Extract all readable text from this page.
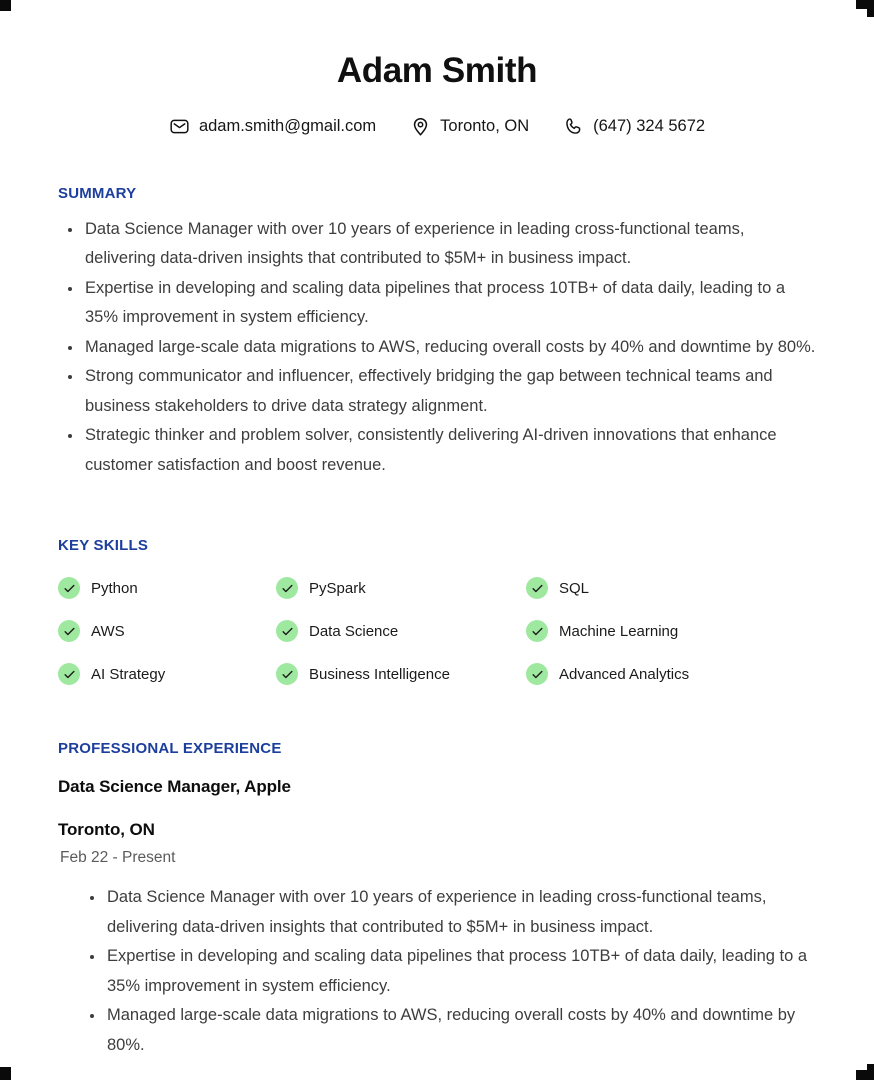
Adam Smith
adam.smith@gmail.com	Toronto, ON	(647) 324 5672
SUMMARY
Data Science Manager with over 10 years of experience in leading cross-functional teams, delivering data-driven insights that contributed to $5M+ in business impact.
Expertise in developing and scaling data pipelines that process 10TB+ of data daily, leading to a 35% improvement in system efficiency.
Managed large-scale data migrations to AWS, reducing overall costs by 40% and downtime by 80%.
Strong communicator and influencer, effectively bridging the gap between technical teams and business stakeholders to drive data strategy alignment.
Strategic thinker and problem solver, consistently delivering AI-driven innovations that enhance customer satisfaction and boost revenue.
KEY SKILLS
Python	PySpark	SQL
AWS	Data Science	Machine Learning
AI Strategy	Business Intelligence	Advanced Analytics
PROFESSIONAL EXPERIENCE
Data Science Manager, Apple
Toronto, ON
Feb 22 - Present
Data Science Manager with over 10 years of experience in leading cross-functional teams, delivering data-driven insights that contributed to $5M+ in business impact.
Expertise in developing and scaling data pipelines that process 10TB+ of data daily, leading to a 35% improvement in system efficiency.
Managed large-scale data migrations to AWS, reducing overall costs by 40% and downtime by 80%.
